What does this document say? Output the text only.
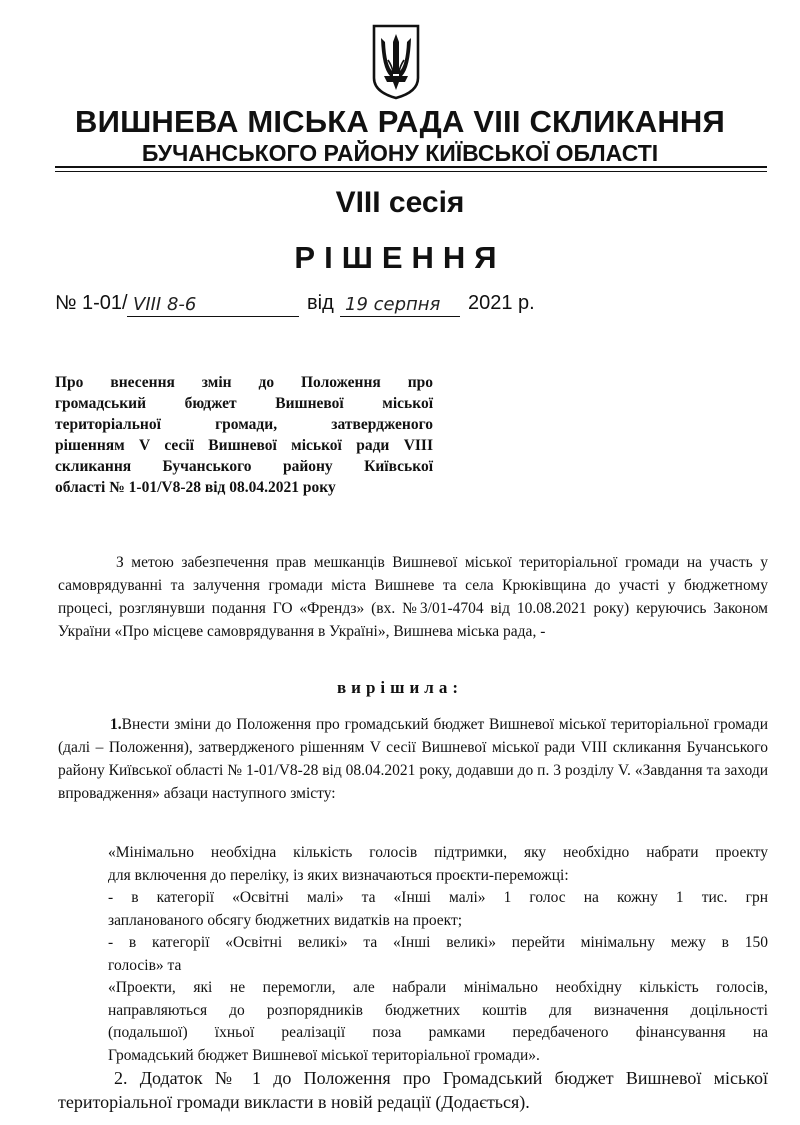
ВИШНЕВА МІСЬКА РАДА VIII СКЛИКАННЯ
БУЧАНСЬКОГО РАЙОНУ КИЇВСЬКОЇ ОБЛАСТІ
VIII сесія
РІШЕННЯ
№ 1-01/ VIII 8-6	від 19 серпня 2021 р.
Про внесення змін до Положення про
громадський бюджет Вишневої міської
територіальної громади, затвердженого
рішенням V сесії Вишневої міської ради VIII
скликання Бучанського району Київської
області № 1-01/V8-28 від 08.04.2021 року
З метою забезпечення прав мешканців Вишневої міської територіальної громади на участь у самоврядуванні та залучення громади міста Вишневе та села Крюківщина до участі у бюджетному процесі, розглянувши подання ГО «Френдз» (вх. №3/01-4704 від 10.08.2021 року) керуючись Законом України «Про місцеве самоврядування в Україні», Вишнева міська рада, -
вирішила:
1.Внести зміни до Положення про громадський бюджет Вишневої міської територіальної громади (далі – Положення), затвердженого рішенням V сесії Вишневої міської ради VIII скликання Бучанського району Київської області № 1-01/V8-28 від 08.04.2021 року, додавши до п. 3 розділу V. «Завдання та заходи впровадження» абзаци наступного змісту:
«Мінімально необхідна кількість голосів підтримки, яку необхідно набрати проекту
для включення до переліку, із яких визначаються проєкти-переможці:
- в категорії «Освітні малі» та «Інші малі» 1 голос на кожну 1 тис. грн
запланованого обсягу бюджетних видатків на проект;
- в категорії «Освітні великі» та «Інші великі» перейти мінімальну межу в 150
голосів» та
«Проекти, які не перемогли, але набрали мінімально необхідну кількість голосів,
направляються до розпорядників бюджетних коштів для визначення доцільності
(подальшої) їхньої реалізації поза рамками передбаченого фінансування на
Громадський бюджет Вишневої міської територіальної громади».
2. Додаток № 1 до Положення про Громадський бюджет Вишневої міської
територіальної громади викласти в новій редації (Додається).
